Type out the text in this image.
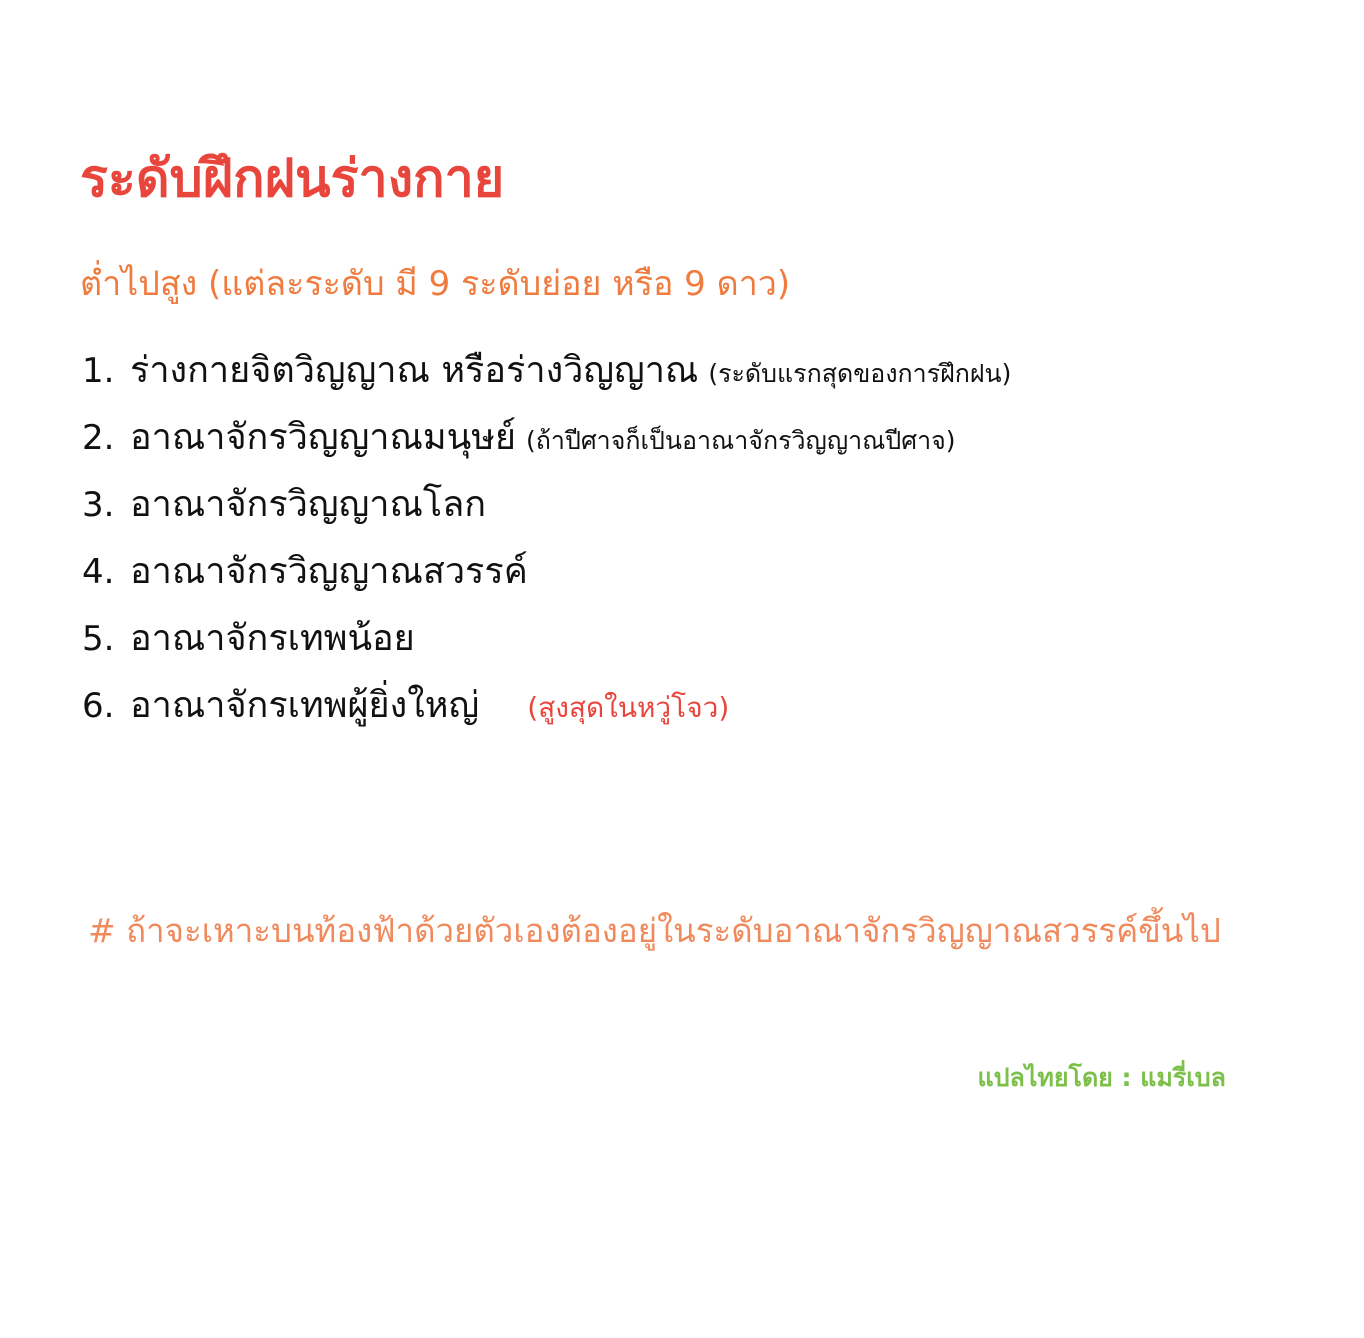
ระดับฝึกฝนร่างกาย
ต่ำไปสูง (แต่ละระดับ มี 9 ระดับย่อย หรือ 9 ดาว)
1. ร่างกายจิตวิญญาณ หรือร่างวิญญาณ (ระดับแรกสุดของการฝึกฝน)
2. อาณาจักรวิญญาณมนุษย์ (ถ้าปีศาจก็เป็นอาณาจักรวิญญาณปีศาจ)
3. อาณาจักรวิญญาณโลก
4. อาณาจักรวิญญาณสวรรค์
5. อาณาจักรเทพน้อย
6. อาณาจักรเทพผู้ยิ่งใหญ่ (สูงสุดในหวู่โจว)
# ถ้าจะเหาะบนท้องฟ้าด้วยตัวเองต้องอยู่ในระดับอาณาจักรวิญญาณสวรรค์ขึ้นไป
แปลไทยโดย : แมรี่เบล
